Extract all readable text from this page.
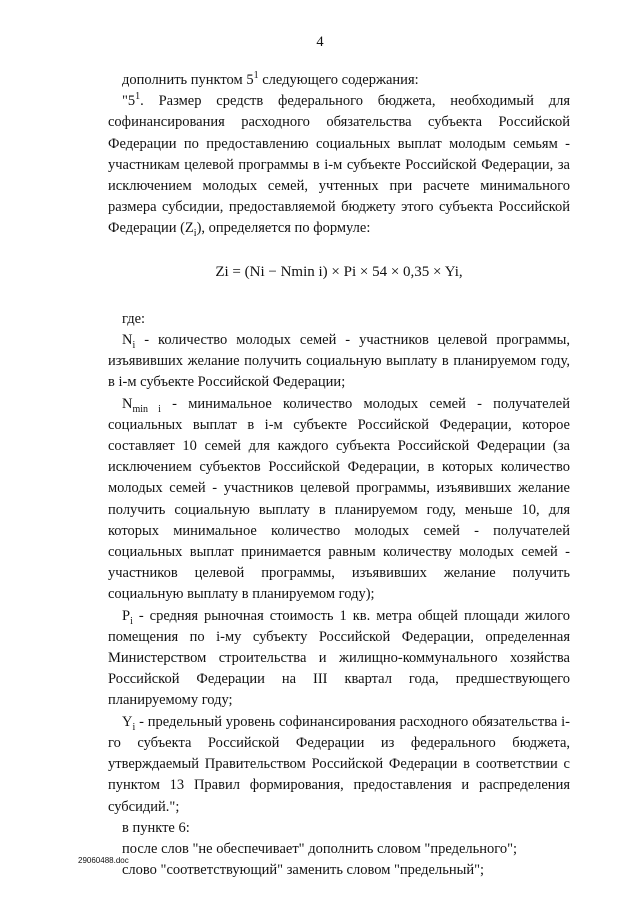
4

дополнить пунктом $5^1$ следующего содержания:

"$5^1$. Размер средств федерального бюджета, необходимый для софинансирования расходного обязательства субъекта Российской Федерации по предоставлению социальных выплат молодым семьям - участникам целевой программы в i-м субъекте Российской Федерации, за исключением молодых семей, учтенных при расчете минимального размера субсидии, предоставляемой бюджету этого субъекта Российской Федерации $(Z_i)$, определяется по формуле:

Zi = (Ni − Nmin i) × Pi × 54 × 0,35 × Yi,

где:

$N_i$ - количество молодых семей - участников целевой программы, изъявивших желание получить социальную выплату в планируемом году, в i-м субъекте Российской Федерации;

$N_{min i}$ - минимальное количество молодых семей - получателей социальных выплат в i-м субъекте Российской Федерации, которое составляет 10 семей для каждого субъекта Российской Федерации (за исключением субъектов Российской Федерации, в которых количество молодых семей - участников целевой программы, изъявивших желание получить социальную выплату в планируемом году, меньше 10, для которых минимальное количество молодых семей - получателей социальных выплат принимается равным количеству молодых семей - участников целевой программы, изъявивших желание получить социальную выплату в планируемом году);

$P_i$ - средняя рыночная стоимость 1 кв. метра общей площади жилого помещения по i-му субъекту Российской Федерации, определенная Министерством строительства и жилищно-коммунального хозяйства Российской Федерации на III квартал года, предшествующего планируемому году;

$Y_i$ - предельный уровень софинансирования расходного обязательства i-го субъекта Российской Федерации из федерального бюджета, утверждаемый Правительством Российской Федерации в соответствии с пунктом 13 Правил формирования, предоставления и распределения субсидий.";

в пункте 6:

после слов "не обеспечивает" дополнить словом "предельного";

слово "соответствующий" заменить словом "предельный";

29060488.doc
